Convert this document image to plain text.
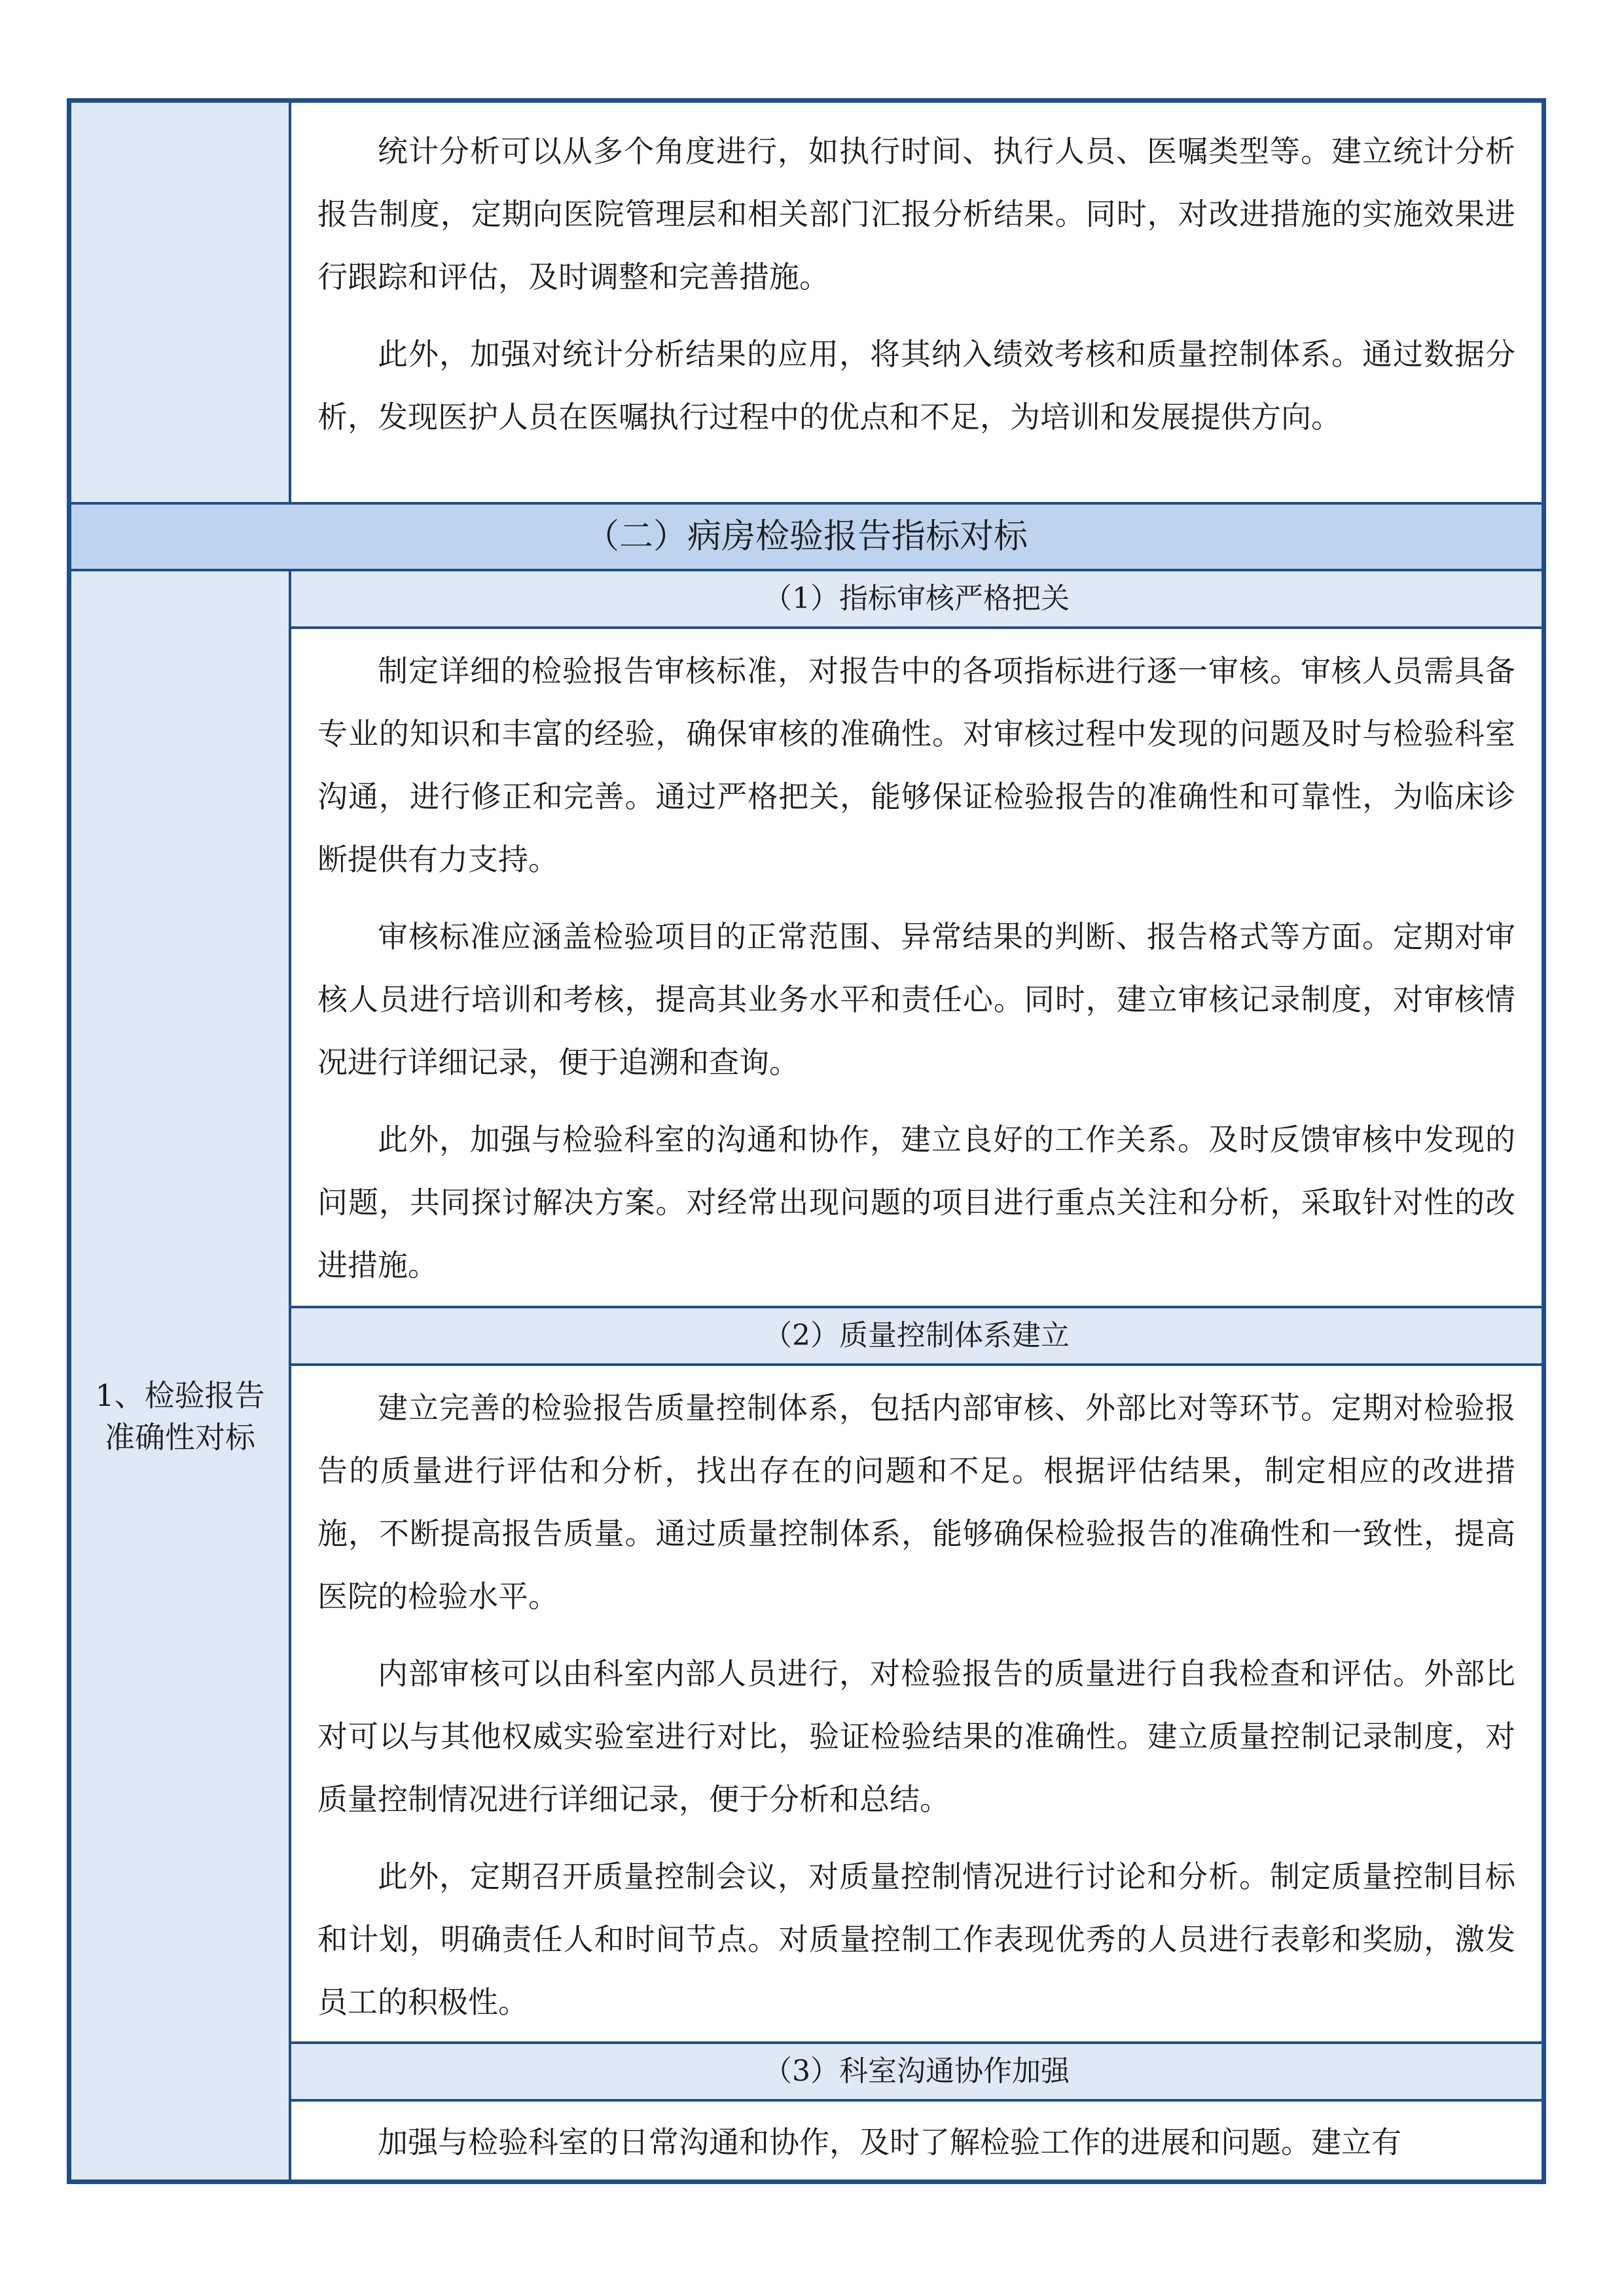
统计分析可以从多个角度进行，如执行时间、执行人员、医嘱类型等。建立统计分析报告制度，定期向医院管理层和相关部门汇报分析结果。同时，对改进措施的实施效果进行跟踪和评估，及时调整和完善措施。

此外，加强对统计分析结果的应用，将其纳入绩效考核和质量控制体系。通过数据分析，发现医护人员在医嘱执行过程中的优点和不足，为培训和发展提供方向。

（二）病房检验报告指标对标
1、检验报告准确性对标
（1）指标审核严格把关

制定详细的检验报告审核标准，对报告中的各项指标进行逐一审核。审核人员需具备专业的知识和丰富的经验，确保审核的准确性。对审核过程中发现的问题及时与检验科室沟通，进行修正和完善。通过严格把关，能够保证检验报告的准确性和可靠性，为临床诊断提供有力支持。

审核标准应涵盖检验项目的正常范围、异常结果的判断、报告格式等方面。定期对审核人员进行培训和考核，提高其业务水平和责任心。同时，建立审核记录制度，对审核情况进行详细记录，便于追溯和查询。

此外，加强与检验科室的沟通和协作，建立良好的工作关系。及时反馈审核中发现的问题，共同探讨解决方案。对经常出现问题的项目进行重点关注和分析，采取针对性的改进措施。

（2）质量控制体系建立

建立完善的检验报告质量控制体系，包括内部审核、外部比对等环节。定期对检验报告的质量进行评估和分析，找出存在的问题和不足。根据评估结果，制定相应的改进措施，不断提高报告质量。通过质量控制体系，能够确保检验报告的准确性和一致性，提高医院的检验水平。

内部审核可以由科室内部人员进行，对检验报告的质量进行自我检查和评估。外部比对可以与其他权威实验室进行对比，验证检验结果的准确性。建立质量控制记录制度，对质量控制情况进行详细记录，便于分析和总结。

此外，定期召开质量控制会议，对质量控制情况进行讨论和分析。制定质量控制目标和计划，明确责任人和时间节点。对质量控制工作表现优秀的人员进行表彰和奖励，激发员工的积极性。

（3）科室沟通协作加强

加强与检验科室的日常沟通和协作，及时了解检验工作的进展和问题。建立有
